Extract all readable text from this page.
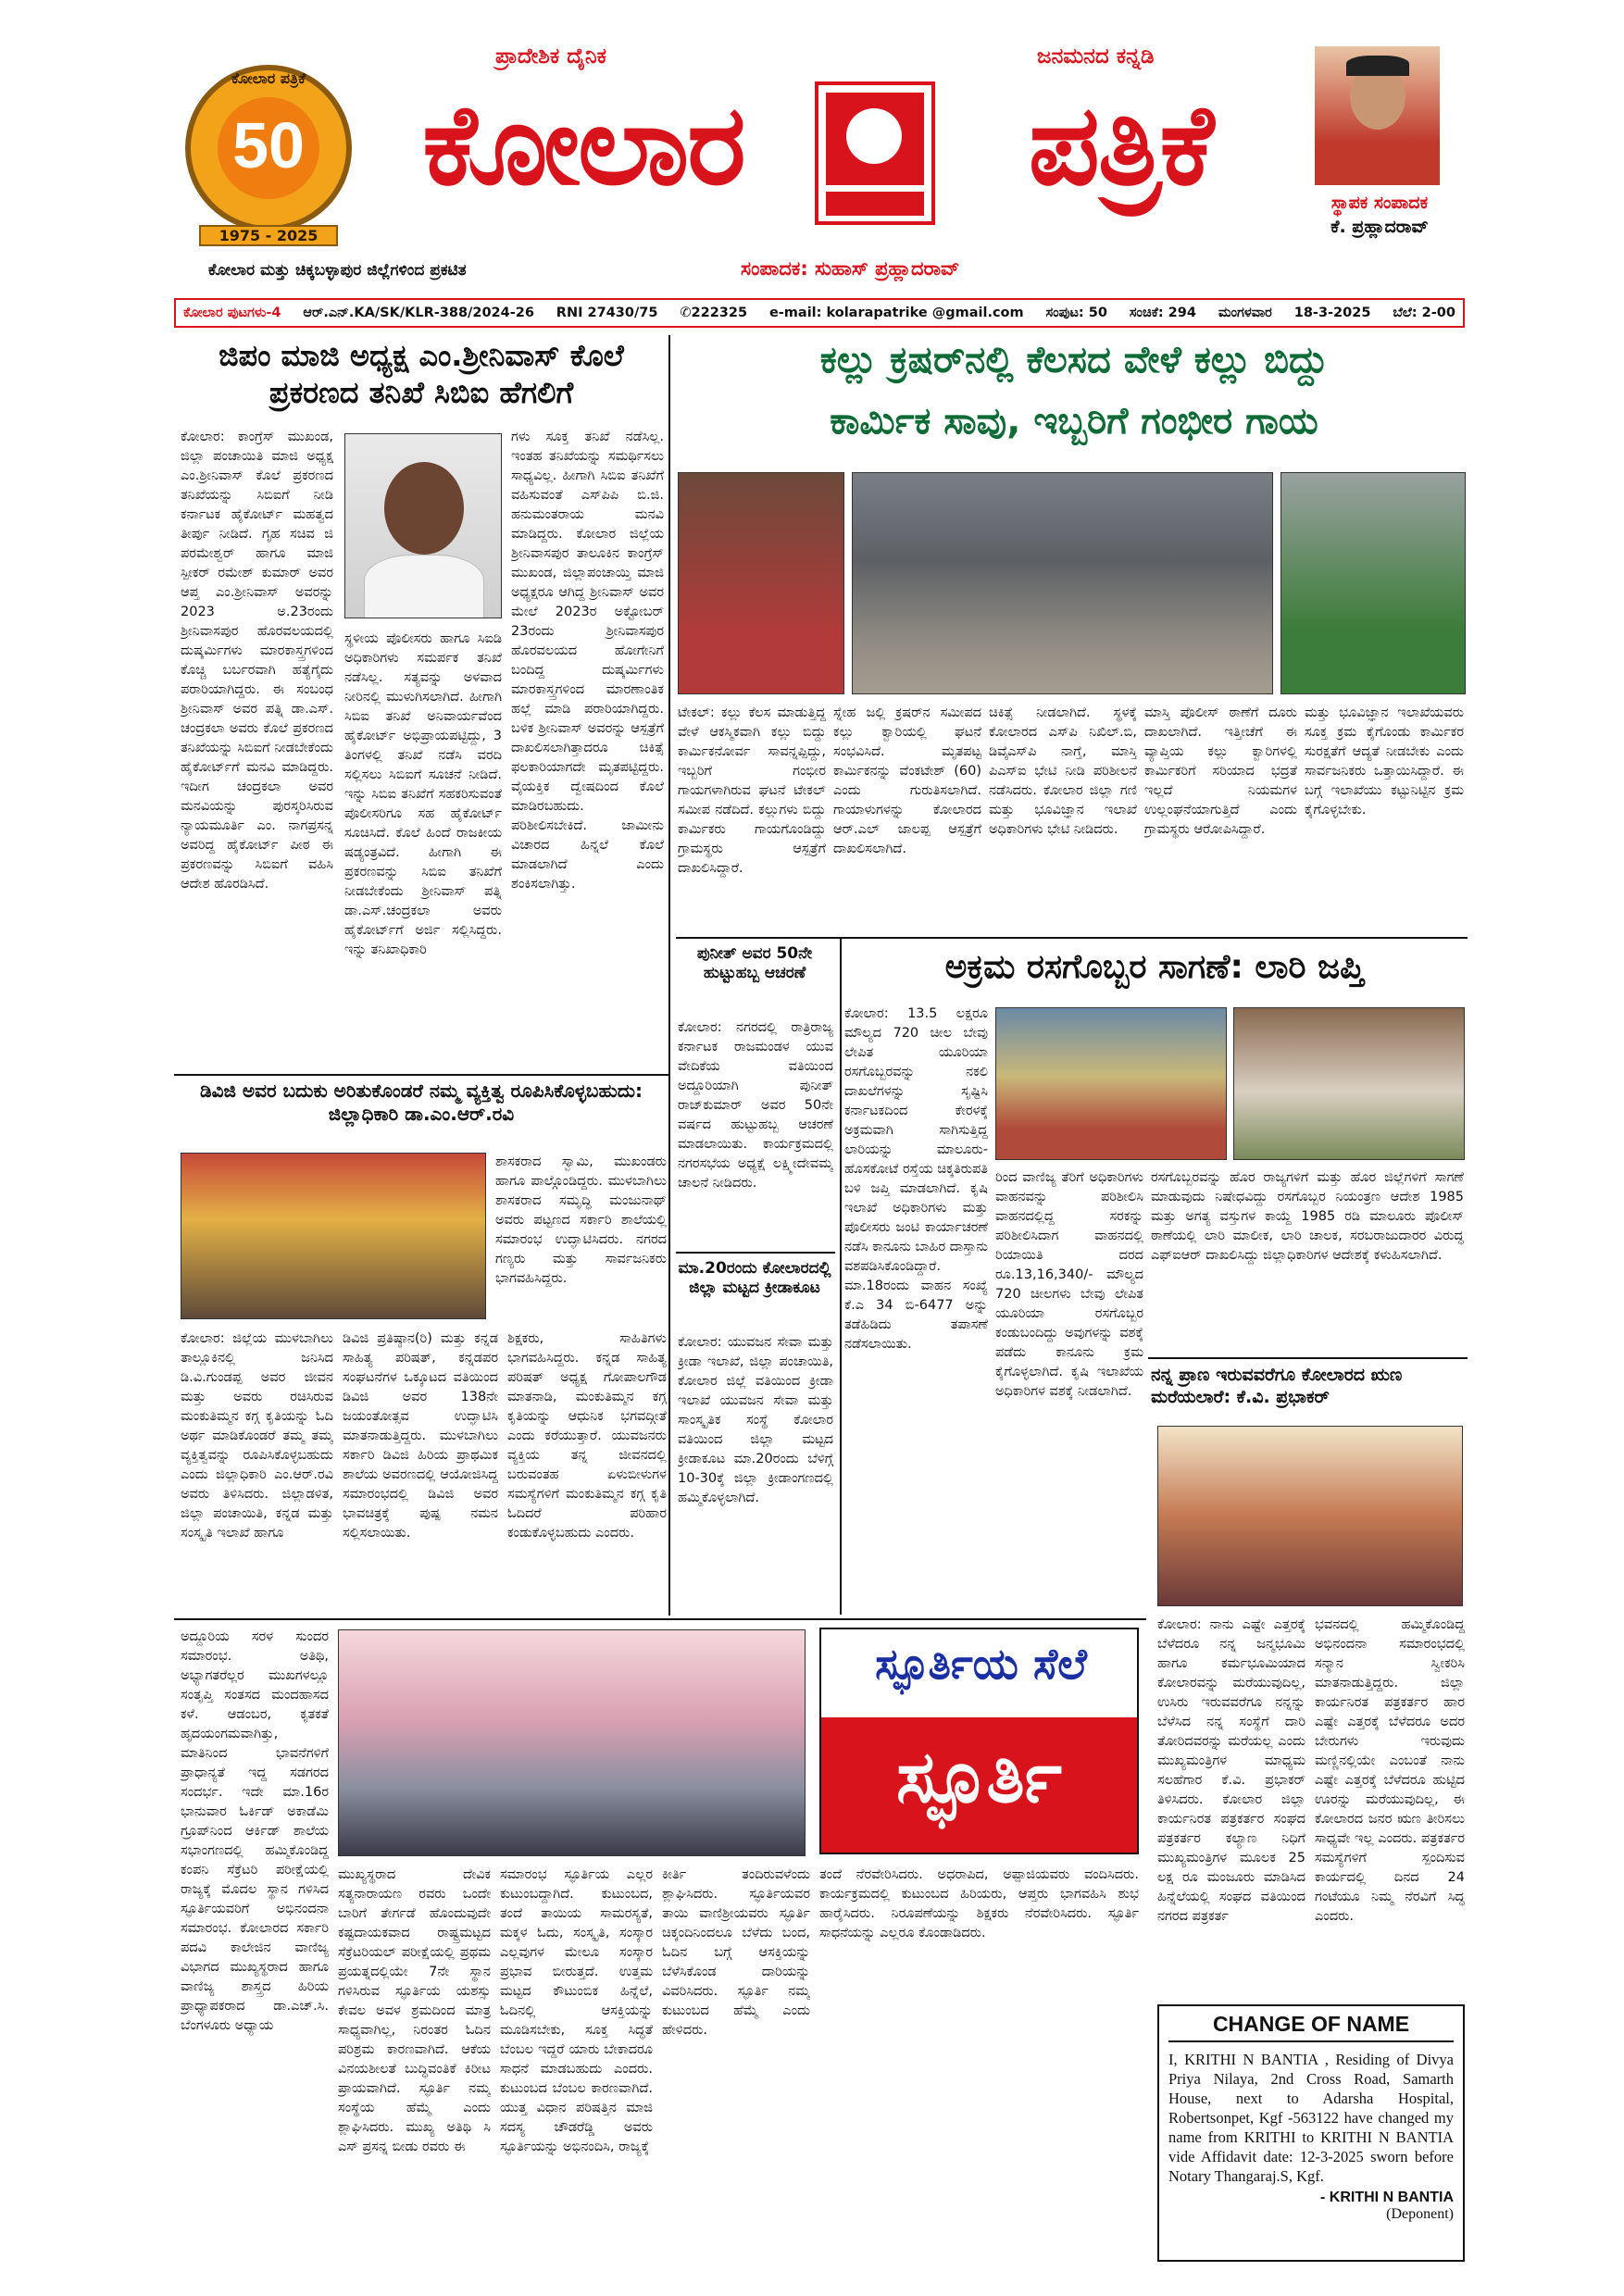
ಕೋಲಾರ ಪತ್ರಿಕೆ
50
1975 - 2025
ಪ್ರಾದೇಶಿಕ ದೈನಿಕ	ಜನಮನದ ಕನ್ನಡಿ
ಕೋಲಾರ	ಪತ್ರಿಕೆ	ಸ್ಥಾಪಕ ಸಂಪಾದಕ
ಕೆ. ಪ್ರಹ್ಲಾದರಾವ್
ಕೋಲಾರ ಮತ್ತು ಚಿಕ್ಕಬಳ್ಳಾಪುರ ಜಿಲ್ಲೆಗಳಿಂದ ಪ್ರಕಟಿತ	ಸಂಪಾದಕ: ಸುಹಾಸ್ ಪ್ರಹ್ಲಾದರಾವ್
ಕೋಲಾರ ಪುಟಗಳು-4 ಆರ್.ಎನ್.KA/SK/KLR-388/2024-26 RNI 27430/75 ✆222325 e-mail: kolarapatrike @gmail.com ಸಂಪುಟ: 50 ಸಂಚಿಕೆ: 294 ಮಂಗಳವಾರ 18-3-2025 ಬೆಲೆ: 2-00
ಜಿಪಂ ಮಾಜಿ ಅಧ್ಯಕ್ಷ ಎಂ.ಶ್ರೀನಿವಾಸ್ ಕೊಲೆ ಪ್ರಕರಣದ ತನಿಖೆ ಸಿಬಿಐ ಹೆಗಲಿಗೆ
ಕೋಲಾರ: ಕಾಂಗ್ರೆಸ್ ಮುಖಂಡ, ಜಿಲ್ಲಾ ಪಂಚಾಯಿತಿ ಮಾಜಿ ಅಧ್ಯಕ್ಷ ಎಂ.ಶ್ರೀನಿವಾಸ್ ಕೊಲೆ ಪ್ರಕರಣದ ತನಿಖೆಯನ್ನು ಸಿಬಿಐಗೆ ನೀಡಿ ಕರ್ನಾಟಕ ಹೈಕೋರ್ಟ್ ಮಹತ್ವದ ತೀರ್ಪು ನೀಡಿದೆ. ಗೃಹ ಸಚಿವ ಜಿ ಪರಮೇಶ್ವರ್ ಹಾಗೂ ಮಾಜಿ ಸ್ಪೀಕರ್ ರಮೇಶ್ ಕುಮಾರ್ ಅವರ ಆಪ್ತ ಎಂ.ಶ್ರೀನಿವಾಸ್ ಅವರನ್ನು 2023 ಅ.23ರಂದು ಶ್ರೀನಿವಾಸಪುರ ಹೊರವಲಯದಲ್ಲಿ ದುಷ್ಕರ್ಮಿಗಳು ಮಾರಕಾಸ್ತ್ರಗಳಿಂದ ಕೊಚ್ಚಿ ಬರ್ಬರವಾಗಿ ಹತ್ಯೆಗೈದು ಪರಾರಿಯಾಗಿದ್ದರು. ಈ ಸಂಬಂಧ ಶ್ರೀನಿವಾಸ್ ಅವರ ಪತ್ನಿ ಡಾ.ಎಸ್. ಚಂದ್ರಕಲಾ ಅವರು ಕೊಲೆ ಪ್ರಕರಣದ ತನಿಖೆಯನ್ನು ಸಿಬಿಐಗೆ ನೀಡಬೇಕೆಂದು ಹೈಕೋರ್ಟ್‌ಗೆ ಮನವಿ ಮಾಡಿದ್ದರು. ಇದೀಗ ಚಂದ್ರಕಲಾ ಅವರ ಮನವಿಯನ್ನು ಪುರಸ್ಕರಿಸಿರುವ ನ್ಯಾಯಮೂರ್ತಿ ಎಂ. ನಾಗಪ್ರಸನ್ನ ಅವರಿದ್ದ ಹೈಕೋರ್ಟ್ ಪೀಠ ಈ ಪ್ರಕರಣವನ್ನು ಸಿಬಿಐಗೆ ವಹಿಸಿ ಆದೇಶ ಹೊರಡಿಸಿದೆ.
ಸ್ಥಳೀಯ ಪೊಲೀಸರು ಹಾಗೂ ಸಿಐಡಿ ಅಧಿಕಾರಿಗಳು ಸಮರ್ಪಕ ತನಿಖೆ ನಡೆಸಿಲ್ಲ. ಸತ್ಯವನ್ನು ಅಳವಾದ ನೀರಿನಲ್ಲಿ ಮುಳುಗಿಸಲಾಗಿದೆ. ಹೀಗಾಗಿ ಸಿಬಿಐ ತನಿಖೆ ಅನಿವಾರ್ಯವೆಂದ ಹೈಕೋರ್ಟ್ ಅಭಿಪ್ರಾಯಪಟ್ಟಿದ್ದು, 3 ತಿಂಗಳಲ್ಲಿ ತನಿಖೆ ನಡೆಸಿ ವರದಿ ಸಲ್ಲಿಸಲು ಸಿಬಿಐಗೆ ಸೂಚನೆ ನೀಡಿದೆ. ಇನ್ನು ಸಿಬಿಐ ತನಿಖೆಗೆ ಸಹಕರಿಸುವಂತೆ ಪೊಲೀಸರಿಗೂ ಸಹ ಹೈಕೋರ್ಟ್ ಸೂಚಿಸಿದೆ. ಕೊಲೆ ಹಿಂದೆ ರಾಜಕೀಯ ಷಡ್ಯಂತ್ರವಿದೆ. ಹೀಗಾಗಿ ಈ ಪ್ರಕರಣವನ್ನು ಸಿಬಿಐ ತನಿಖೆಗೆ ನೀಡಬೇಕೆಂದು ಶ್ರೀನಿವಾಸ್ ಪತ್ನಿ ಡಾ.ಎಸ್.ಚಂದ್ರಕಲಾ ಅವರು ಹೈಕೋರ್ಟ್‌ಗೆ ಅರ್ಜಿ ಸಲ್ಲಿಸಿದ್ದರು. ಇನ್ನು ತನಿಖಾಧಿಕಾರಿ
ಗಳು ಸೂಕ್ತ ತನಿಖೆ ನಡೆಸಿಲ್ಲ. ಇಂತಹ ತನಿಖೆಯನ್ನು ಸಮರ್ಥಿಸಲು ಸಾಧ್ಯವಿಲ್ಲ. ಹೀಗಾಗಿ ಸಿಬಿಐ ತನಿಖೆಗೆ ವಹಿಸುವಂತೆ ಎಸ್‌ಪಿಪಿ ಬಿ.ಜಿ. ಹನುಮಂತರಾಯ ಮನವಿ ಮಾಡಿದ್ದರು. ಕೋಲಾರ ಜಿಲ್ಲೆಯ ಶ್ರೀನಿವಾಸಪುರ ತಾಲೂಕಿನ ಕಾಂಗ್ರೆಸ್ ಮುಖಂಡ, ಜಿಲ್ಲಾಪಂಚಾಯ್ತಿ ಮಾಜಿ ಅಧ್ಯಕ್ಷರೂ ಆಗಿದ್ದ ಶ್ರೀನಿವಾಸ್ ಅವರ ಮೇಲೆ 2023ರ ಅಕ್ಟೋಬರ್ 23ರಂದು ಶ್ರೀನಿವಾಸಪುರ ಹೊರವಲಯದ ಹೋಗೇನಿಗೆ ಬಂದಿದ್ದ ದುಷ್ಕರ್ಮಿಗಳು ಮಾರಕಾಸ್ತ್ರಗಳಿಂದ ಮಾರಣಾಂತಿಕ ಹಲ್ಲೆ ಮಾಡಿ ಪರಾರಿಯಾಗಿದ್ದರು. ಬಳಿಕ ಶ್ರೀನಿವಾಸ್ ಅವರನ್ನು ಆಸ್ಪತ್ರೆಗೆ ದಾಖಲಿಸಲಾಗಿತ್ತಾದರೂ ಚಿಕಿತ್ಸೆ ಫಲಕಾರಿಯಾಗದೇ ಮೃತಪಟ್ಟಿದ್ದರು. ವೈಯಕ್ತಿಕ ದ್ವೇಷದಿಂದ ಕೊಲೆ ಮಾಡಿರಬಹುದು. ಪರಿಶೀಲಿಸಬೇಕಿದೆ. ಜಾಮೀನು ವಿಚಾರದ ಹಿನ್ನಲೆ ಕೊಲೆ ಮಾಡಲಾಗಿದೆ ಎಂದು ಶಂಕಿಸಲಾಗಿತ್ತು.
ಕಲ್ಲು ಕ್ರಷರ್‌ನಲ್ಲಿ ಕೆಲಸದ ವೇಳೆ ಕಲ್ಲು ಬಿದ್ದು
ಕಾರ್ಮಿಕ ಸಾವು, ಇಬ್ಬರಿಗೆ ಗಂಭೀರ ಗಾಯ
ಟೇಕಲ್: ಕಲ್ಲು ಕೆಲಸ ಮಾಡುತ್ತಿದ್ದ ವೇಳೆ ಆಕಸ್ಮಿಕವಾಗಿ ಕಲ್ಲು ಬಿದ್ದು ಕಾರ್ಮಿಕನೋರ್ವ ಸಾವನ್ನಪ್ಪಿದ್ದು, ಇಬ್ಬರಿಗೆ ಗಂಭೀರ ಗಾಯಗಳಾಗಿರುವ ಘಟನೆ ಟೇಕಲ್ ಸಮೀಪ ನಡೆದಿದೆ. ಕಲ್ಲುಗಳು ಬಿದ್ದು ಕಾರ್ಮಿಕರು ಗಾಯಗೊಂಡಿದ್ದು ಗ್ರಾಮಸ್ಥರು ಆಸ್ಪತ್ರೆಗೆ ದಾಖಲಿಸಿದ್ದಾರೆ.
ಸ್ನೇಹ ಜಲ್ಲಿ ಕ್ರಷರ್‌ನ ಸಮೀಪದ ಕಲ್ಲು ಕ್ವಾರಿಯಲ್ಲಿ ಘಟನೆ ಸಂಭವಿಸಿದೆ. ಮೃತಪಟ್ಟ ಕಾರ್ಮಿಕನನ್ನು ವೆಂಕಟೇಶ್ (60) ಎಂದು ಗುರುತಿಸಲಾಗಿದೆ. ಗಾಯಾಳುಗಳನ್ನು ಕೋಲಾರದ ಆರ್.ಎಲ್ ಜಾಲಪ್ಪ ಆಸ್ಪತ್ರೆಗೆ ದಾಖಲಿಸಲಾಗಿದೆ.
ಚಿಕಿತ್ಸೆ ನೀಡಲಾಗಿದೆ. ಸ್ಥಳಕ್ಕೆ ಕೋಲಾರದ ಎಸ್‌ಪಿ ನಿಖಿಲ್.ಬಿ, ಡಿವೈಎಸ್‌ಪಿ ನಾಗ್ತೆ, ಮಾಸ್ತಿ ಪಿಎಸ್‌ಐ ಭೇಟಿ ನೀಡಿ ಪರಿಶೀಲನೆ ನಡೆಸಿದರು. ಕೋಲಾರ ಜಿಲ್ಲಾ ಗಣಿ ಮತ್ತು ಭೂವಿಜ್ಞಾನ ಇಲಾಖೆ ಅಧಿಕಾರಿಗಳು ಭೇಟಿ ನೀಡಿದರು.
ಮಾಸ್ತಿ ಪೊಲೀಸ್ ಠಾಣೆಗೆ ದೂರು ದಾಖಲಾಗಿದೆ. ಇತ್ತೀಚೆಗೆ ಈ ವ್ಯಾಪ್ತಿಯ ಕಲ್ಲು ಕ್ವಾರಿಗಳಲ್ಲಿ ಕಾರ್ಮಿಕರಿಗೆ ಸರಿಯಾದ ಭದ್ರತೆ ಇಲ್ಲದೆ ನಿಯಮಗಳ ಉಲ್ಲಂಘನೆಯಾಗುತ್ತಿದೆ ಎಂದು ಗ್ರಾಮಸ್ಥರು ಆರೋಪಿಸಿದ್ದಾರೆ.
ಮತ್ತು ಭೂವಿಜ್ಞಾನ ಇಲಾಖೆಯವರು ಸೂಕ್ತ ಕ್ರಮ ಕೈಗೊಂಡು ಕಾರ್ಮಿಕರ ಸುರಕ್ಷತೆಗೆ ಆದ್ಯತೆ ನೀಡಬೇಕು ಎಂದು ಸಾರ್ವಜನಿಕರು ಒತ್ತಾಯಿಸಿದ್ದಾರೆ. ಈ ಬಗ್ಗೆ ಇಲಾಖೆಯು ಕಟ್ಟುನಿಟ್ಟಿನ ಕ್ರಮ ಕೈಗೊಳ್ಳಬೇಕು.
ಪುನೀತ್ ಅವರ 50ನೇ ಹುಟ್ಟುಹಬ್ಬ ಆಚರಣೆ
ಕೋಲಾರ: ನಗರದಲ್ಲಿ ರಾತ್ರಿರಾಜ್ಯ ಕರ್ನಾಟಕ ರಾಜಮಂಡಳ ಯುವ ವೇದಿಕೆಯ ವತಿಯಿಂದ ಅದ್ದೂರಿಯಾಗಿ ಪುನೀತ್ ರಾಜ್‌ಕುಮಾರ್ ಅವರ 50ನೇ ವರ್ಷದ ಹುಟ್ಟುಹಬ್ಬ ಆಚರಣೆ ಮಾಡಲಾಯಿತು. ಕಾರ್ಯಕ್ರಮದಲ್ಲಿ ನಗರಸಭೆಯ ಅಧ್ಯಕ್ಷೆ ಲಕ್ಷ್ಮೀದೇವಮ್ಮ ಚಾಲನೆ ನೀಡಿದರು.
ಮಾ.20ರಂದು ಕೋಲಾರದಲ್ಲಿ ಜಿಲ್ಲಾ ಮಟ್ಟದ ಕ್ರೀಡಾಕೂಟ
ಕೋಲಾರ: ಯುವಜನ ಸೇವಾ ಮತ್ತು ಕ್ರೀಡಾ ಇಲಾಖೆ, ಜಿಲ್ಲಾ ಪಂಚಾಯಿತಿ, ಕೋಲಾರ ಜಿಲ್ಲೆ ವತಿಯಿಂದ ಕ್ರೀಡಾ ಇಲಾಖೆ ಯುವಜನ ಸೇವಾ ಮತ್ತು ಸಾಂಸ್ಕೃತಿಕ ಸಂಸ್ಥೆ ಕೋಲಾರ ವತಿಯಿಂದ ಜಿಲ್ಲಾ ಮಟ್ಟದ ಕ್ರೀಡಾಕೂಟ ಮಾ.20ರಂದು ಬೆಳಿಗ್ಗೆ 10-30ಕ್ಕೆ ಜಿಲ್ಲಾ ಕ್ರೀಡಾಂಗಣದಲ್ಲಿ ಹಮ್ಮಿಕೊಳ್ಳಲಾಗಿದೆ.
ಅಕ್ರಮ ರಸಗೊಬ್ಬರ ಸಾಗಣೆ: ಲಾರಿ ಜಪ್ತಿ
ಕೋಲಾರ: 13.5 ಲಕ್ಷರೂ ಮೌಲ್ಯದ 720 ಚೀಲ ಬೇವು ಲೇಪಿತ ಯೂರಿಯಾ ರಸಗೊಬ್ಬರವನ್ನು ನಕಲಿ ದಾಖಲೆಗಳನ್ನು ಸೃಷ್ಟಿಸಿ ಕರ್ನಾಟಕದಿಂದ ಕೇರಳಕ್ಕೆ ಅಕ್ರಮವಾಗಿ ಸಾಗಿಸುತ್ತಿದ್ದ ಲಾರಿಯನ್ನು ಮಾಲೂರು-ಹೊಸಕೋಟೆ ರಸ್ತೆಯ ಚಿಕ್ಕತಿರುಪತಿ ಬಳಿ ಜಪ್ತಿ ಮಾಡಲಾಗಿದೆ. ಕೃಷಿ ಇಲಾಖೆ ಅಧಿಕಾರಿಗಳು ಮತ್ತು ಪೊಲೀಸರು ಜಂಟಿ ಕಾರ್ಯಾಚರಣೆ ನಡೆಸಿ ಕಾನೂನು ಬಾಹಿರ ದಾಸ್ತಾನು ವಶಪಡಿಸಿಕೊಂಡಿದ್ದಾರೆ. ಮಾ.18ರಂದು ವಾಹನ ಸಂಖ್ಯೆ ಕೆ.ಎ 34 ಬಿ-6477 ಅನ್ನು ತಡೆಹಿಡಿದು ತಪಾಸಣೆ ನಡೆಸಲಾಯಿತು.
ರಿಂದ ವಾಣಿಜ್ಯ ತೆರಿಗೆ ಅಧಿಕಾರಿಗಳು ವಾಹನವನ್ನು ಪರಿಶೀಲಿಸಿ ವಾಹನದಲ್ಲಿದ್ದ ಸರಕನ್ನು ಪರಿಶೀಲಿಸಿದಾಗ ವಾಹನದಲ್ಲಿ ರಿಯಾಯಿತಿ ದರದ ರೂ.13,16,340/- ಮೌಲ್ಯದ 720 ಚೀಲಗಳು ಬೇವು ಲೇಪಿತ ಯೂರಿಯಾ ರಸಗೊಬ್ಬರ ಕಂಡುಬಂದಿದ್ದು ಅವುಗಳನ್ನು ವಶಕ್ಕೆ ಪಡೆದು ಕಾನೂನು ಕ್ರಮ ಕೈಗೊಳ್ಳಲಾಗಿದೆ. ಕೃಷಿ ಇಲಾಖೆಯ ಅಧಿಕಾರಿಗಳ ವಶಕ್ಕೆ ನೀಡಲಾಗಿದೆ.
ರಸಗೊಬ್ಬರವನ್ನು ಹೊರ ರಾಜ್ಯಗಳಿಗೆ ಮತ್ತು ಹೊರ ಜಿಲ್ಲೆಗಳಿಗೆ ಸಾಗಣೆ ಮಾಡುವುದು ನಿಷೇಧವಿದ್ದು ರಸಗೊಬ್ಬರ ನಿಯಂತ್ರಣ ಆದೇಶ 1985 ಮತ್ತು ಅಗತ್ಯ ವಸ್ತುಗಳ ಕಾಯ್ದೆ 1985 ರಡಿ ಮಾಲೂರು ಪೊಲೀಸ್ ಠಾಣೆಯಲ್ಲಿ ಲಾರಿ ಮಾಲೀಕ, ಲಾರಿ ಚಾಲಕ, ಸರಬರಾಜುದಾರರ ವಿರುದ್ಧ ಎಫ್‌ಐಆರ್ ದಾಖಲಿಸಿದ್ದು ಜಿಲ್ಲಾಧಿಕಾರಿಗಳ ಆದೇಶಕ್ಕೆ ಕಳುಹಿಸಲಾಗಿದೆ.
ನನ್ನ ಪ್ರಾಣ ಇರುವವರೆಗೂ ಕೋಲಾರದ ಋಣ ಮರೆಯಲಾರೆ: ಕೆ.ವಿ. ಪ್ರಭಾಕರ್
ಕೋಲಾರ: ನಾನು ಎಷ್ಟೇ ಎತ್ತರಕ್ಕೆ ಬೆಳೆದರೂ ನನ್ನ ಜನ್ಮಭೂಮಿ ಹಾಗೂ ಕರ್ಮಭೂಮಿಯಾದ ಕೋಲಾರವನ್ನು ಮರೆಯುವುದಿಲ್ಲ, ಉಸಿರು ಇರುವವರೆಗೂ ನನ್ನನ್ನು ಬೆಳೆಸಿದ ನನ್ನ ಸಂಸ್ಥೆಗೆ ದಾರಿ ತೋರಿದವರನ್ನು ಮರೆಯಲ್ಲ ಎಂದು ಮುಖ್ಯಮಂತ್ರಿಗಳ ಮಾಧ್ಯಮ ಸಲಹೆಗಾರ ಕೆ.ವಿ. ಪ್ರಭಾಕರ್ ತಿಳಿಸಿದರು. ಕೋಲಾರ ಜಿಲ್ಲಾ ಕಾರ್ಯನಿರತ ಪತ್ರಕರ್ತರ ಸಂಘದ ಪತ್ರಕರ್ತರ ಕಲ್ಯಾಣ ನಿಧಿಗೆ ಮುಖ್ಯಮಂತ್ರಿಗಳ ಮೂಲಕ 25 ಲಕ್ಷ ರೂ ಮಂಜೂರು ಮಾಡಿಸಿದ ಹಿನ್ನೆಲೆಯಲ್ಲಿ ಸಂಘದ ವತಿಯಿಂದ ನಗರದ ಪತ್ರಕರ್ತ
ಭವನದಲ್ಲಿ ಹಮ್ಮಿಕೊಂಡಿದ್ದ ಅಭಿನಂದನಾ ಸಮಾರಂಭದಲ್ಲಿ ಸನ್ಮಾನ ಸ್ವೀಕರಿಸಿ ಮಾತನಾಡುತ್ತಿದ್ದರು. ಜಿಲ್ಲಾ ಕಾರ್ಯನಿರತ ಪತ್ರಕರ್ತರ ಹಾರ ಎಷ್ಟೇ ಎತ್ತರಕ್ಕೆ ಬೆಳೆದರೂ ಅದರ ಬೇರುಗಳು ಇರುವುದು ಮಣ್ಣಿನಲ್ಲಿಯೇ ಎಂಬಂತೆ ನಾನು ಎಷ್ಟೇ ಎತ್ತರಕ್ಕೆ ಬೆಳೆದರೂ ಹುಟ್ಟಿದ ಊರನ್ನು ಮರೆಯುವುದಿಲ್ಲ, ಈ ಕೋಲಾರದ ಜನರ ಋಣ ತೀರಿಸಲು ಸಾಧ್ಯವೇ ಇಲ್ಲ ಎಂದರು. ಪತ್ರಕರ್ತರ ಸಮಸ್ಯೆಗಳಿಗೆ ಸ್ಪಂದಿಸುವ ಕಾರ್ಯದಲ್ಲಿ ದಿನದ 24 ಗಂಟೆಯೂ ನಿಮ್ಮ ನೆರವಿಗೆ ಸಿದ್ಧ ಎಂದರು.
ಡಿವಿಜಿ ಅವರ ಬದುಕು ಅರಿತುಕೊಂಡರೆ ನಮ್ಮ ವ್ಯಕ್ತಿತ್ವ ರೂಪಿಸಿಕೊಳ್ಳಬಹುದು: ಜಿಲ್ಲಾಧಿಕಾರಿ ಡಾ.ಎಂ.ಆರ್.ರವಿ
ಶಾಸಕರಾದ ಸ್ವಾಮಿ, ಮುಖಂಡರು ಹಾಗೂ ಪಾಲ್ಗೊಂಡಿದ್ದರು. ಮುಳಬಾಗಿಲು ಶಾಸಕರಾದ ಸಮೃದ್ಧಿ ಮಂಜುನಾಥ್ ಅವರು ಪಟ್ಟಣದ ಸರ್ಕಾರಿ ಶಾಲೆಯಲ್ಲಿ ಸಮಾರಂಭ ಉದ್ಘಾಟಿಸಿದರು. ನಗರದ ಗಣ್ಯರು ಮತ್ತು ಸಾರ್ವಜನಿಕರು ಭಾಗವಹಿಸಿದ್ದರು.
ಕೋಲಾರ: ಜಿಲ್ಲೆಯ ಮುಳಬಾಗಿಲು ತಾಲ್ಲೂಕಿನಲ್ಲಿ ಜನಿಸಿದ ಡಿ.ವಿ.ಗುಂಡಪ್ಪ ಅವರ ಜೀವನ ಮತ್ತು ಅವರು ರಚಿಸಿರುವ ಮಂಕುತಿಮ್ಮನ ಕಗ್ಗ ಕೃತಿಯನ್ನು ಓದಿ ಅರ್ಥ ಮಾಡಿಕೊಂಡರೆ ತಮ್ಮ ತಮ್ಮ ವ್ಯಕ್ತಿತ್ವವನ್ನು ರೂಪಿಸಿಕೊಳ್ಳಬಹುದು ಎಂದು ಜಿಲ್ಲಾಧಿಕಾರಿ ಎಂ.ಆರ್.ರವಿ ಅವರು ತಿಳಿಸಿದರು. ಜಿಲ್ಲಾಡಳಿತ, ಜಿಲ್ಲಾ ಪಂಚಾಯಿತಿ, ಕನ್ನಡ ಮತ್ತು ಸಂಸ್ಕೃತಿ ಇಲಾಖೆ ಹಾಗೂ
ಡಿವಿಜಿ ಪ್ರತಿಷ್ಠಾನ(ರಿ) ಮತ್ತು ಕನ್ನಡ ಸಾಹಿತ್ಯ ಪರಿಷತ್, ಕನ್ನಡಪರ ಸಂಘಟನೆಗಳ ಒಕ್ಕೂಟದ ವತಿಯಿಂದ ಡಿವಿಜಿ ಅವರ 138ನೇ ಜಯಂತೋತ್ಸವ ಉದ್ಘಾಟಿಸಿ ಮಾತನಾಡುತ್ತಿದ್ದರು. ಮುಳಬಾಗಿಲು ಸರ್ಕಾರಿ ಡಿವಿಜಿ ಹಿರಿಯ ಪ್ರಾಥಮಿಕ ಶಾಲೆಯ ಅವರಣದಲ್ಲಿ ಆಯೋಜಿಸಿದ್ದ ಸಮಾರಂಭದಲ್ಲಿ ಡಿವಿಜಿ ಅವರ ಭಾವಚಿತ್ರಕ್ಕೆ ಪುಷ್ಪ ನಮನ ಸಲ್ಲಿಸಲಾಯಿತು.
ಶಿಕ್ಷಕರು, ಸಾಹಿತಿಗಳು ಭಾಗವಹಿಸಿದ್ದರು. ಕನ್ನಡ ಸಾಹಿತ್ಯ ಪರಿಷತ್ ಅಧ್ಯಕ್ಷ ಗೋಪಾಲಗೌಡ ಮಾತನಾಡಿ, ಮಂಕುತಿಮ್ಮನ ಕಗ್ಗ ಕೃತಿಯನ್ನು ಆಧುನಿಕ ಭಗವದ್ಗೀತೆ ಎಂದು ಕರೆಯುತ್ತಾರೆ. ಯುವಜನರು ವ್ಯಕ್ತಿಯ ತನ್ನ ಜೀವನದಲ್ಲಿ ಬರುವಂತಹ ಏಳುಬೀಳುಗಳ ಸಮಸ್ಯೆಗಳಿಗೆ ಮಂಕುತಿಮ್ಮನ ಕಗ್ಗ ಕೃತಿ ಓದಿದರೆ ಪರಿಹಾರ ಕಂಡುಕೊಳ್ಳಬಹುದು ಎಂದರು.
ಅದ್ದೂರಿಯ ಸರಳ ಸುಂದರ ಸಮಾರಂಭ. ಅತಿಥಿ, ಅಭ್ಯಾಗತರೆಲ್ಲರ ಮುಖಗಳಲ್ಲೂ ಸಂತೃಪ್ತಿ ಸಂತಸದ ಮಂದಹಾಸದ ಕಳೆ. ಆಡಂಬರ, ಕೃತಕತೆ ಹೃದಯಂಗಮವಾಗಿತ್ತು, ಮಾತಿನಿಂದ ಭಾವನೆಗಳಿಗೆ ಪ್ರಾಧಾನ್ಯತೆ ಇದ್ದ ಸಡಗರದ ಸಂದರ್ಭ. ಇದೇ ಮಾ.16ರ ಭಾನುವಾರ ಓರ್ಕಿಡ್ ಅಕಾಡೆಮಿ ಗ್ರೂಪ್‌ನಿಂದ ಆರ್ಕಿಡ್ ಶಾಲೆಯ ಸಭಾಂಗಣದಲ್ಲಿ ಹಮ್ಮಿಕೊಂಡಿದ್ದ ಕಂಪನಿ ಸೆಕ್ರೆಟರಿ ಪರೀಕ್ಷೆಯಲ್ಲಿ ರಾಜ್ಯಕ್ಕೆ ಮೊದಲ ಸ್ಥಾನ ಗಳಿಸಿದ ಸ್ಫೂರ್ತಿಯವರಿಗೆ ಅಭಿನಂದನಾ ಸಮಾರಂಭ. ಕೋಲಾರದ ಸರ್ಕಾರಿ ಪದವಿ ಕಾಲೇಜಿನ ವಾಣಿಜ್ಯ ವಿಭಾಗದ ಮುಖ್ಯಸ್ಥರಾದ ಹಾಗೂ ವಾಣಿಜ್ಯ ಶಾಸ್ತ್ರದ ಹಿರಿಯ ಪ್ರಾಧ್ಯಾಪಕರಾದ ಡಾ.ಎಚ್.ಸಿ. ಬೆಂಗಳೂರು ಅಧ್ಯಾಯ
ಮುಖ್ಯಸ್ಥರಾದ ದೇವಿಕ ಸತ್ಯನಾರಾಯಣ ರವರು ಒಂದೇ ಬಾರಿಗೆ ತೇರ್ಗಡೆ ಹೊಂದುವುದೇ ಕಷ್ಟದಾಯಕವಾದ ರಾಷ್ಟ್ರಮಟ್ಟದ ಸೆಕ್ರೆಟರಿಯಲ್ ಪರೀಕ್ಷೆಯಲ್ಲಿ ಪ್ರಥಮ ಪ್ರಯತ್ನದಲ್ಲಿಯೇ 7ನೇ ಸ್ಥಾನ ಗಳಿಸಿರುವ ಸ್ಫೂರ್ತಿಯ ಯಶಸ್ಸು ಕೇವಲ ಅವಳ ಶ್ರಮದಿಂದ ಮಾತ್ರ ಸಾಧ್ಯವಾಗಿಲ್ಲ, ನಿರಂತರ ಓದಿನ ಪರಿಶ್ರಮ ಕಾರಣವಾಗಿದೆ. ಆಕೆಯ ವಿನಯಶೀಲತೆ ಬುದ್ಧಿವಂತಿಕೆ ಕಿರೀಟ ಪ್ರಾಯವಾಗಿದೆ. ಸ್ಫೂರ್ತಿ ನಮ್ಮ ಸಂಸ್ಥೆಯ ಹೆಮ್ಮೆ ಎಂದು ಶ್ಲಾಘಿಸಿದರು. ಮುಖ್ಯ ಅತಿಥಿ ಸಿ ಎಸ್ ಪ್ರಸನ್ನ ಬೀಡು ರವರು ಈ
ಸಮಾರಂಭ ಸ್ಫೂರ್ತಿಯ ಎಲ್ಲರ ಕುಟುಂಬದ್ದಾಗಿದೆ. ಕುಟುಂಬದ, ತಂದೆ ತಾಯಿಯ ಸಾಮರಸ್ಯತೆ, ಮಕ್ಕಳ ಓದು, ಸಂಸ್ಕೃತಿ, ಸಂಸ್ಕಾರ ಎಲ್ಲವುಗಳ ಮೇಲೂ ಸಂಸ್ಕಾರ ಪ್ರಭಾವ ಬೀರುತ್ತದೆ. ಉತ್ತಮ ಮಟ್ಟದ ಕೌಟುಂಬಿಕ ಹಿನ್ನೆಲೆ, ಓದಿನಲ್ಲಿ ಆಸಕ್ತಿಯನ್ನು ಮೂಡಿಸಬೇಕು, ಸೂಕ್ತ ಸಿದ್ಧತೆ ಬೆಂಬಲ ಇದ್ದರೆ ಯಾರು ಬೇಕಾದರೂ ಸಾಧನೆ ಮಾಡಬಹುದು ಎಂದರು. ಕುಟುಂಬದ ಬೆಂಬಲ ಕಾರಣವಾಗಿದೆ. ಯುತ್ತ ವಿಧಾನ ಪರಿಷತ್ತಿನ ಮಾಜಿ ಸದಸ್ಯ ಚೌಡರೆಡ್ಡಿ ಅವರು ಸ್ಫೂರ್ತಿಯನ್ನು ಅಭಿನಂದಿಸಿ, ರಾಜ್ಯಕ್ಕೆ
ಕೀರ್ತಿ ತಂದಿರುವಳೆಂದು ಶ್ಲಾಘಿಸಿದರು. ಸ್ಫೂರ್ತಿಯವರ ತಾಯಿ ವಾಣಿಶ್ರೀಯವರು ಸ್ಫೂರ್ತಿ ಚಿಕ್ಕಂದಿನಿಂದಲೂ ಬೆಳೆದು ಬಂದ, ಓದಿನ ಬಗ್ಗೆ ಆಸಕ್ತಿಯನ್ನು ಬೆಳೆಸಿಕೊಂಡ ದಾರಿಯನ್ನು ವಿವರಿಸಿದರು. ಸ್ಫೂರ್ತಿ ನಮ್ಮ ಕುಟುಂಬದ ಹೆಮ್ಮೆ ಎಂದು ಹೇಳಿದರು.
ಸ್ಫೂರ್ತಿಯ ಸೆಲೆ
ಸ್ಫೂರ್ತಿ
ತಂದೆ ನೆರವೇರಿಸಿದರು. ಅಧರಾಪಿದ, ಅಪ್ಪಾಜಿಯವರು ವಂದಿಸಿದರು. ಕಾರ್ಯಕ್ರಮದಲ್ಲಿ ಕುಟುಂಬದ ಹಿರಿಯರು, ಆಪ್ತರು ಭಾಗವಹಿಸಿ ಶುಭ ಹಾರೈಸಿದರು. ನಿರೂಪಣೆಯನ್ನು ಶಿಕ್ಷಕರು ನೆರವೇರಿಸಿದರು. ಸ್ಫೂರ್ತಿ ಸಾಧನೆಯನ್ನು ಎಲ್ಲರೂ ಕೊಂಡಾಡಿದರು.
CHANGE OF NAME
I, KRITHI N BANTIA , Residing of Divya Priya Nilaya, 2nd Cross Road, Samarth House, next to Adarsha Hospital, Robertsonpet, Kgf -563122 have changed my name from KRITHI to KRITHI N BANTIA vide Affidavit date: 12-3-2025 sworn before Notary Thangaraj.S, Kgf.
- KRITHI N BANTIA
(Deponent)
